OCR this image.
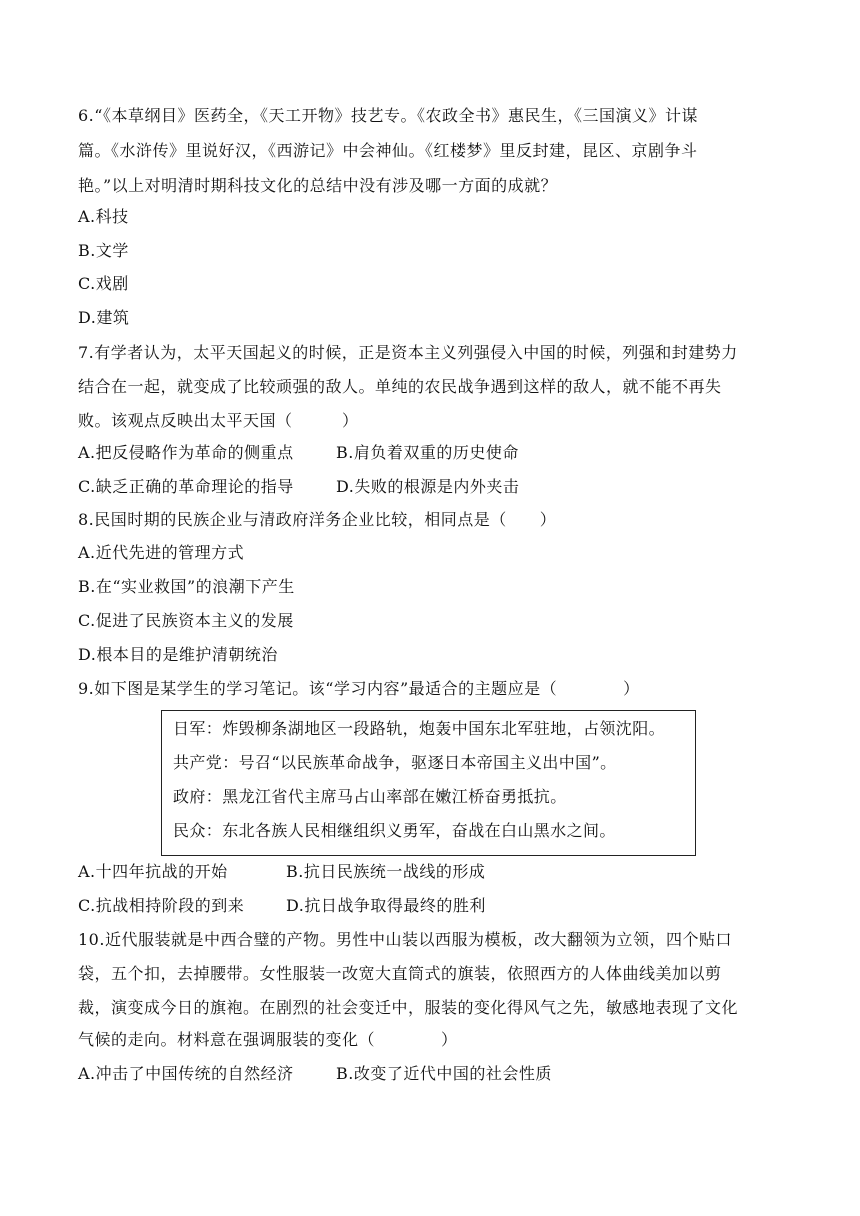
6.“《本草纲目》医药全，《天工开物》技艺专。《农政全书》惠民生，《三国演义》计谋
篇。《水浒传》里说好汉，《西游记》中会神仙。《红楼梦》里反封建，昆区、京剧争斗
艳。”以上对明清时期科技文化的总结中没有涉及哪一方面的成就？
A.科技
B.文学
C.戏剧
D.建筑
7.有学者认为，太平天国起义的时候，正是资本主义列强侵入中国的时候，列强和封建势力
结合在一起，就变成了比较顽强的敌人。单纯的农民战争遇到这样的敌人，就不能不再失
败。该观点反映出太平天国（　　　）
A.把反侵略作为革命的侧重点	B.肩负着双重的历史使命
C.缺乏正确的革命理论的指导	D.失败的根源是内外夹击
8.民国时期的民族企业与清政府洋务企业比较，相同点是（　　）
A.近代先进的管理方式
B.在“实业救国”的浪潮下产生
C.促进了民族资本主义的发展
D.根本目的是维护清朝统治
9.如下图是某学生的学习笔记。该“学习内容”最适合的主题应是（　　　　）
日军：炸毁柳条湖地区一段路轨，炮轰中国东北军驻地，占领沈阳。
共产党：号召“以民族革命战争，驱逐日本帝国主义出中国”。
政府：黑龙江省代主席马占山率部在嫩江桥奋勇抵抗。
民众：东北各族人民相继组织义勇军，奋战在白山黑水之间。
A.十四年抗战的开始	B.抗日民族统一战线的形成
C.抗战相持阶段的到来	D.抗日战争取得最终的胜利
10.近代服装就是中西合璧的产物。男性中山装以西服为模板，改大翻领为立领，四个贴口
袋，五个扣，去掉腰带。女性服装一改宽大直筒式的旗装，依照西方的人体曲线美加以剪
裁，演变成今日的旗袍。在剧烈的社会变迁中，服装的变化得风气之先，敏感地表现了文化
气候的走向。材料意在强调服装的变化（　　　　）
A.冲击了中国传统的自然经济	B.改变了近代中国的社会性质
